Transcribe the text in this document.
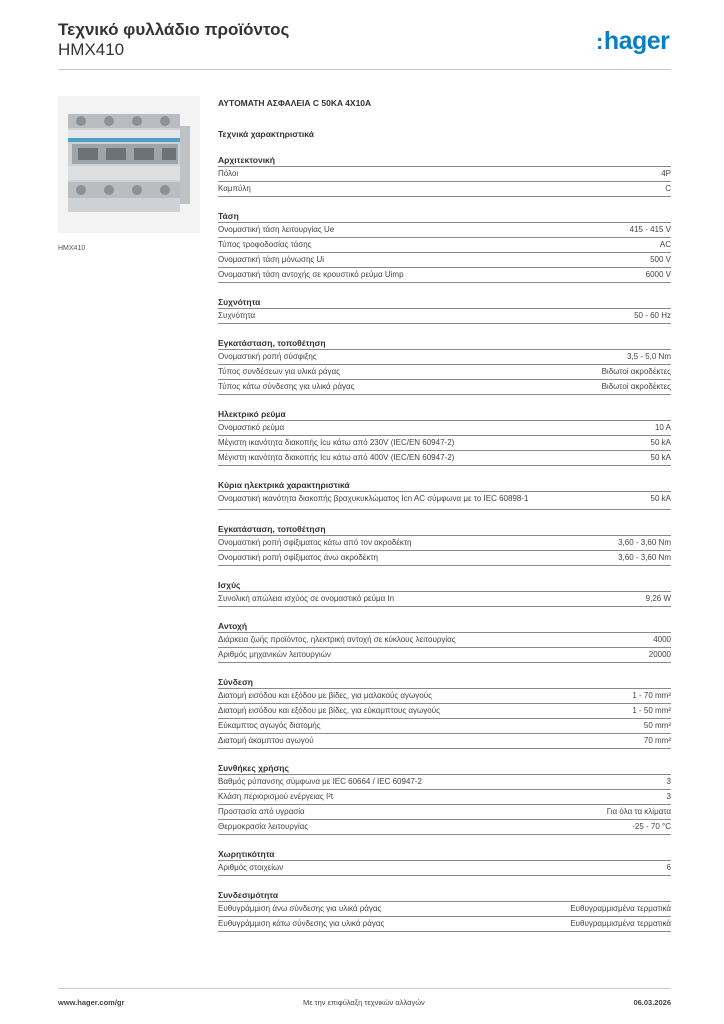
Τεχνικό φυλλάδιο προϊόντος
HMX410	:hager
HMX410
ΑΥΤΟΜΑΤΗ ΑΣΦΑΛΕΙΑ C 50KA 4X10A
Τεχνικά χαρακτηριστικά
Αρχιτεκτονική
Πόλοι	4P
Καμπύλη	C
Τάση
Ονομαστική τάση λειτουργίας Ue	415 - 415 V
Τύπος τροφοδοσίας τάσης	AC
Ονομαστική τάση μόνωσης Ui	500 V
Ονομαστική τάση αντοχής σε κρουστικό ρεύμα Uimp	6000 V
Συχνότητα
Συχνότητα	50 - 60 Hz
Εγκατάσταση, τοποθέτηση
Ονομαστική ροπή σύσφιξης	3,5 - 5,0 Nm
Τύπος συνδέσεων για υλικά ράγας	Βιδωτοί ακροδέκτες
Τύπος κάτω σύνδεσης για υλικά ράγας	Βιδωτοί ακροδέκτες
Ηλεκτρικό ρεύμα
Ονομαστικό ρεύμα	10 A
Μέγιστη ικανότητα διακοπής Icu κάτω από 230V (IEC/EN 60947-2)	50 kA
Μέγιστη ικανότητα διακοπής Icu κάτω από 400V (IEC/EN 60947-2)	50 kA
Κύρια ηλεκτρικά χαρακτηριστικά
Ονομαστική ικανότητα διακοπής βραχυκυκλώματος Icn AC σύμφωνα με το IEC 60898-1	50 kA
Εγκατάσταση, τοποθέτηση
Ονομαστική ροπή σφίξιματος κάτω από τον ακροδέκτη	3,60 - 3,60 Nm
Ονομαστική ροπή σφίξιματος άνω ακροδέκτη	3,60 - 3,60 Nm
Ισχύς
Συνολική απώλεια ισχύος σε ονομαστικό ρεύμα In	9,26 W
Αντοχή
Διάρκεια ζωής προϊόντος, ηλεκτρική αντοχή σε κύκλους λειτουργίας	4000
Αριθμός μηχανικών λειτουργιών	20000
Σύνδεση
Διατομή εισόδου και εξόδου με βίδες, για μαλακούς αγωγούς	1 - 70 mm²
Διατομή εισόδου και εξόδου με βίδες, για εύκαμπτους αγωγούς	1 - 50 mm²
Εύκαμπτος αγωγός διατομής	50 mm²
Διατομή άκαμπτου αγωγού	70 mm²
Συνθήκες χρήσης
Βαθμός ρύπανσης σύμφωνα με IEC 60664 / IEC 60947-2	3
Κλάση περιορισμού ενέργειας I²t	3
Προστασία από υγρασία	Για όλα τα κλίματα
Θερμοκρασία λειτουργίας	-25 - 70 °C
Χωρητικότητα
Αριθμός στοιχείων	6
Συνδεσιμότητα
Ευθυγράμμιση άνω σύνδεσης για υλικά ράγας	Ευθυγραμμισμένα τερματικά
Ευθυγράμμιση κάτω σύνδεσης για υλικά ράγας	Ευθυγραμμισμένα τερματικά
www.hager.com/gr	Με την επιφύλαξη τεχνικών αλλαγών	06.03.2026
